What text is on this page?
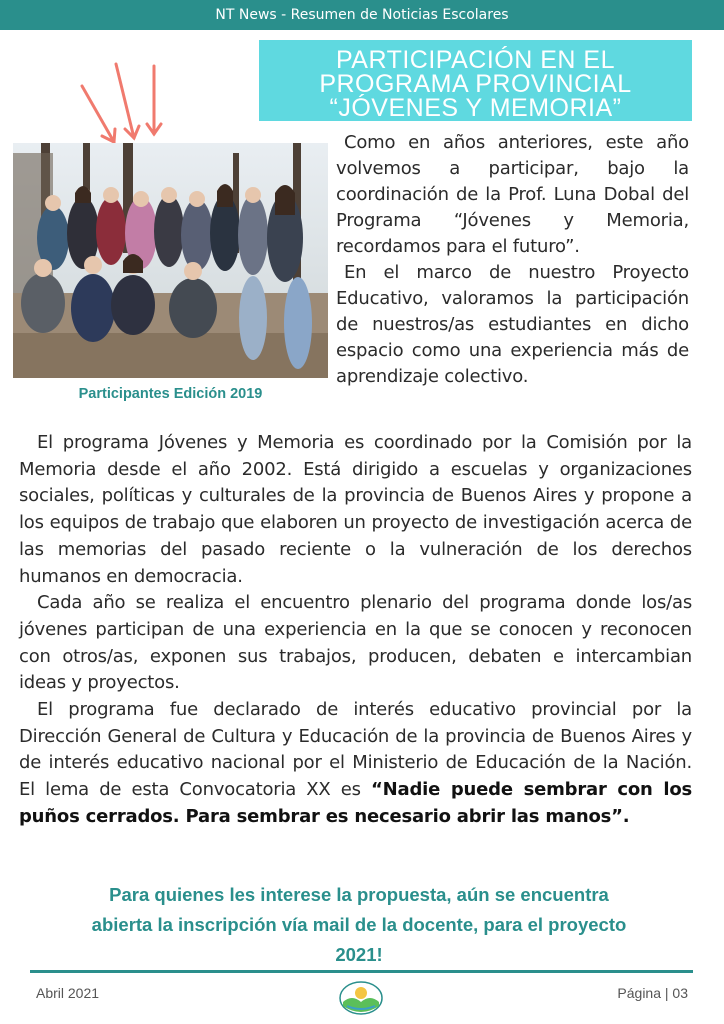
NT News - Resumen de Noticias Escolares
PARTICIPACIÓN EN EL
PROGRAMA PROVINCIAL
“JÓVENES Y MEMORIA”
Participantes Edición 2019

Como en años anteriores, este año volvemos a participar, bajo la coordinación de la Prof. Luna Dobal del Programa “Jóvenes y Memoria, recordamos para el futuro”.

En el marco de nuestro Proyecto Educativo, valoramos la participación de nuestros/as estudiantes en dicho espacio como una experiencia más de aprendizaje colectivo.

El programa Jóvenes y Memoria es coordinado por la Comisión por la Memoria desde el año 2002. Está dirigido a escuelas y organizaciones sociales, políticas y culturales de la provincia de Buenos Aires y propone a los equipos de trabajo que elaboren un proyecto de investigación acerca de las memorias del pasado reciente o la vulneración de los derechos humanos en democracia.

Cada año se realiza el encuentro plenario del programa donde los/as jóvenes participan de una experiencia en la que se conocen y reconocen con otros/as, exponen sus trabajos, producen, debaten e intercambian ideas y proyectos.

El programa fue declarado de interés educativo provincial por la Dirección General de Cultura y Educación de la provincia de Buenos Aires y de interés educativo nacional por el Ministerio de Educación de la Nación. El lema de esta Convocatoria XX es “Nadie puede sembrar con los puños cerrados. Para sembrar es necesario abrir las manos”.

Para quienes les interese la propuesta, aún se encuentra
abierta la inscripción vía mail de la docente, para el proyecto
2021!
Abril 2021	Página | 03
